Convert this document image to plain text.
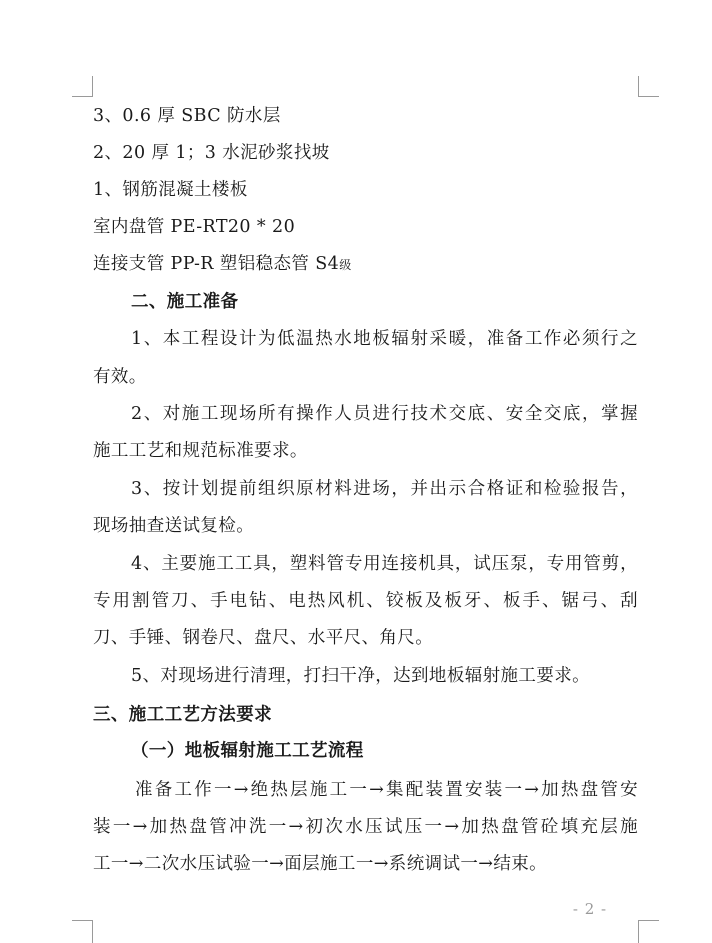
3、0.6 厚 SBC 防水层
2、20 厚 1；3 水泥砂浆找坡
1、钢筋混凝土楼板
室内盘管 PE-RT20 * 20
连接支管 PP-R 塑铝稳态管 S4级
二、施工准备
1、本工程设计为低温热水地板辐射采暖，准备工作必须行之
有效。
2、对施工现场所有操作人员进行技术交底、安全交底，掌握
施工工艺和规范标准要求。
3、按计划提前组织原材料进场，并出示合格证和检验报告，
现场抽查送试复检。
4、主要施工工具，塑料管专用连接机具，试压泵，专用管剪，
专用割管刀、手电钻、电热风机、铰板及板牙、板手、锯弓、刮
刀、手锤、钢卷尺、盘尺、水平尺、角尺。
5、对现场进行清理，打扫干净，达到地板辐射施工要求。
三、施工工艺方法要求
（一）地板辐射施工工艺流程
准备工作一→绝热层施工一→集配装置安装一→加热盘管安
装一→加热盘管冲洗一→初次水压试压一→加热盘管砼填充层施
工一→二次水压试验一→面层施工一→系统调试一→结束。
- 2 -
